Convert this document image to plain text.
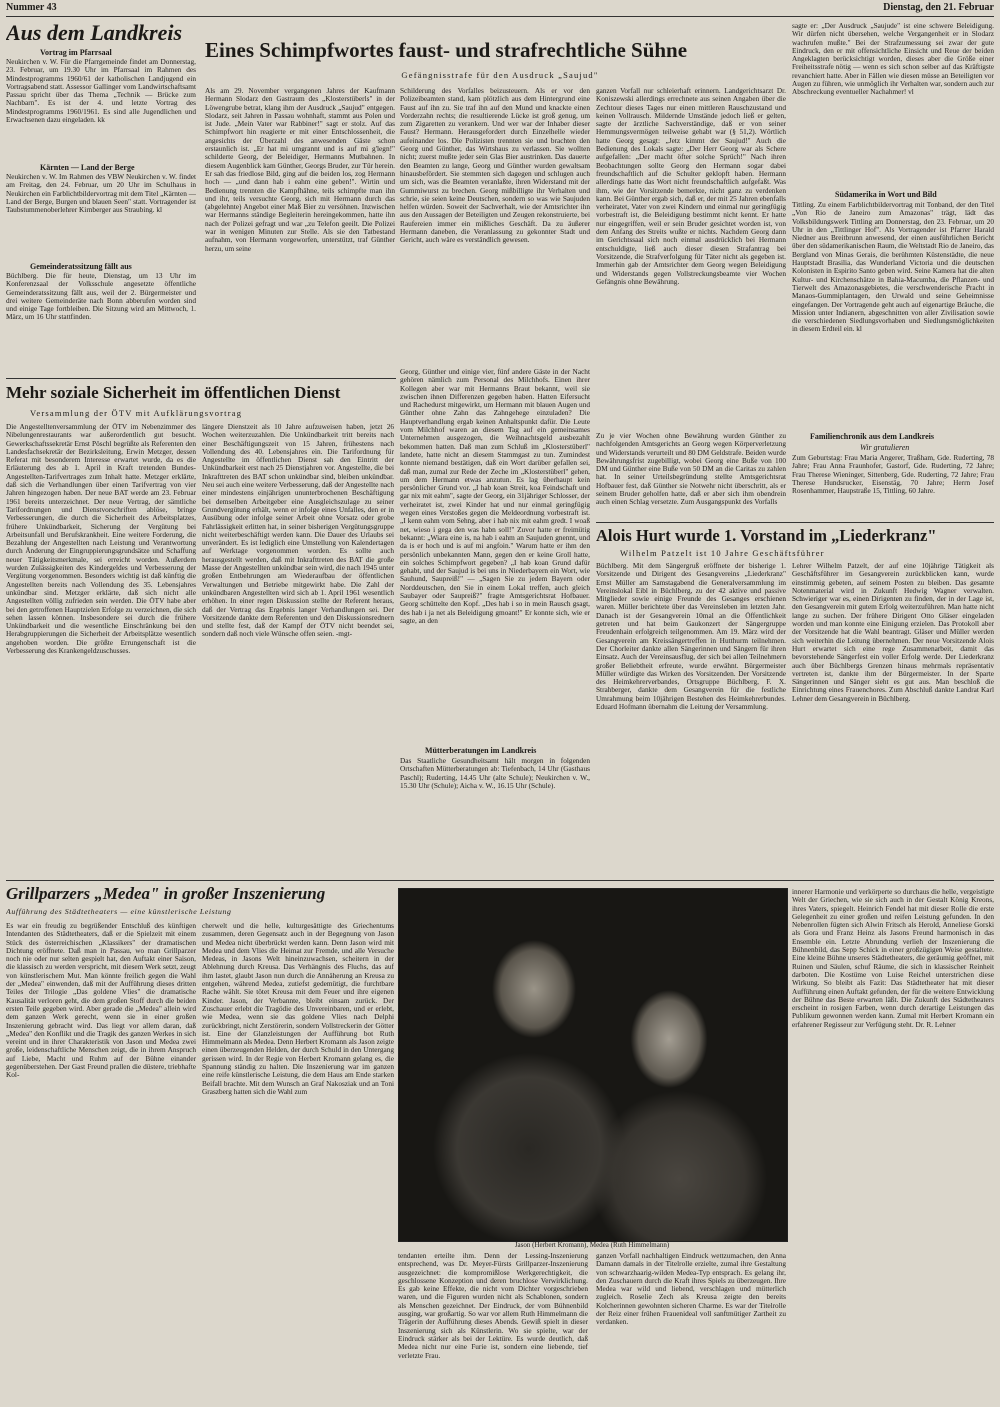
Nummer 43	Dienstag, den 21. Februar
Aus dem Landkreis
Vortrag im Pfarrsaal
Neukirchen v. W. Für die Pfarrgemeinde findet am Donnerstag, 23. Februar, um 19.30 Uhr im Pfarrsaal im Rahmen des Mindestprogramms 1960/61 der katholischen Landjugend ein Vortragsabend statt. Assessor Gallinger vom Landwirtschaftsamt Passau spricht über das Thema „Technik — Brücke zum Nachbarn". Es ist der 4. und letzte Vortrag des Mindestprogramms 1960/1961. Es sind alle Jugendlichen und Erwachsenen dazu eingeladen. kk
Kärnten — Land der Berge
Neukirchen v. W. Im Rahmen des VBW Neukirchen v. W. findet am Freitag, den 24. Februar, um 20 Uhr im Schulhaus in Neukirchen ein Farblichtbildervortrag mit dem Titel „Kärnten — Land der Berge, Burgen und blauen Seen" statt. Vortragender ist Taubstummenoberlehrer Kirnberger aus Straubing. kl
Gemeinderatssitzung fällt aus
Büchlberg. Die für heute, Dienstag, um 13 Uhr im Konferenzsaal der Volksschule angesetzte öffentliche Gemeinderatssitzung fällt aus, weil der 2. Bürgermeister und drei weitere Gemeinderäte nach Bonn abberufen worden sind und einige Tage fortbleiben. Die Sitzung wird am Mittwoch, 1. März, um 16 Uhr stattfinden.
Eines Schimpfwortes faust- und strafrechtliche Sühne
Gefängnisstrafe für den Ausdruck „Saujud"
Als am 29. November vergangenen Jahres der Kaufmann Hermann Slodarz den Gastraum des „Klosterstüberls" in der Löwengrube betrat, klang ihm der Ausdruck „Saujud" entgegen. Slodarz, seit Jahren in Passau wohnhaft, stammt aus Polen und ist Jude. „Mein Vater war Rabbiner!" sagt er stolz. Auf das Schimpfwort hin reagierte er mit einer Entschlossenheit, die angesichts der Überzahl des anwesenden Gäste schon erstaunlich ist. „Er hat mi umgrannt und is auf mi g'legn!" schilderte Georg, der Beleidiger, Hermanns Mutbahnen. In diesem Augenblick kam Günther, Georgs Bruder, zur Tür herein. Er sah das friedlose Bild, ging auf die beiden los, zog Hermann hoch — „und dann hab i eahm eine geben!". Wirtin und Bedienung trennten die Kampfhähne, teils schimpfte man ihn und ihr, teils versuchte Georg, sich mit Hermann durch das (abgelehnte) Angebot einer Maß Bier zu versöhnen. Inzwischen war Hermanns ständige Begleiterin hereingekommen, hatte ihn nach der Polizei gefragt und war „zu Telefon geeilt. Die Polizei war in wenigen Minuten zur Stelle. Als sie den Tatbestand aufnahm, von Hermann vorgeworfen, unterstützt, traf Günther herzu, um seine
Schilderung des Vorfalles beizusteuern. Als er vor den Polizeibeamten stand, kam plötzlich aus dem Hintergrund eine Faust auf ihn zu. Sie traf ihn auf den Mund und knackte einen Vorderzahn rechts; die resultierende Lücke ist groß genug, um zum Zigaretten zu verankern. Und wer war der Inhaber dieser Faust? Hermann. Herausgefordert durch Einzelhelle wieder aufeinander los. Die Polizisten trennten sie und brachten den Georg und Günther, das Wirtshaus zu verlassen. Sie wollten nicht; zuerst mußte jeder sein Glas Bier austrinken. Das dauerte den Beamten zu lange, Georg und Günther wurden gewaltsam hinausbefördert. Sie stemmten sich dagegen und schlugen auch um sich, was die Beamten veranlaßte, ihren Widerstand mit der Gummiwurst zu brechen. Georg mißbilligte ihr Verhalten und schrie, sie seien keine Deutschen, sondern so was wie Saujuden helfen würden. Soweit der Sachverhalt, wie der Amtsrichter ihn aus den Aussagen der Beteiligten und Zeugen rekonstruierte, bei Raufereien immer ein mißliches Geschäft. Da zu äußerer Hermann daneben, die Veranlassung zu gekonnter Stadt und Gericht, auch wäre es verständlich gewesen.
ganzen Vorfall nur schleierhaft erinnern. Landgerichtsarzt Dr. Koniszewski allerdings errechnete aus seinen Angaben über die Zechtour dieses Tages nur einen mittleren Rauschzustand und keinen Vollrausch. Mildernde Umstände jedoch ließ er gelten, sagte der ärztliche Sachverständige, daß er von seiner Hemmungsvermögen teilweise gehabt war (§ 51,2). Wörtlich hatte Georg gesagt: „Jetz kimmt der Saujud!" Auch die Bedienung des Lokals sagte: „Der Herr Georg war als Schere aufgefallen: „Der macht öfter solche Sprüch!" Nach ihren Beobachtungen sollte Georg den Hermann sogar dabei freundschaftlich auf die Schulter geklopft haben. Hermann allerdings hatte das Wort nicht freundschaftlich aufgefaßt. Was ihm, wie der Vorsitzende bemerkte, nicht ganz zu verdenken kann. Bei Günther ergab sich, daß er, der mit 25 Jahren ebenfalls verheiratet, Vater von zwei Kindern und einmal nur geringfügig vorbestraft ist, die Beleidigung bestimmt nicht kennt. Er hatte nur eingegriffen, weil er sein Bruder gesichtet worden ist, von dem Anfang des Streits wußte er nichts. Nachdem Georg dann im Gerichtssaal sich noch einmal ausdrücklich bei Hermann entschuldigte, ließ auch dieser diesen Strafantrag bei Vorsitzende, die Strafverfolgung für Täter nicht als gegeben ist. Immerhin gab der Amtsrichter dem Georg wegen Beleidigung und Widerstands gegen Vollstreckungsbeamte vier Wochen Gefängnis ohne Bewährung.
sagte er: „Der Ausdruck „Saujude" ist eine schwere Beleidigung. Wir dürfen nicht übersehen, welche Vergangenheit er in Slodarz wachrufen mußte." Bei der Strafzumessung sei zwar der gute Eindruck, den er mit offensichtliche Einsicht und Reue der beiden Angeklagten berücksichtigt worden, dieses aber die Größe einer Freiheitsstrafe nötig — wenn es sich schon selber auf das Kräftigste revanchiert hatte. Aber in Fällen wie diesen müsse an Beteiligten vor Augen zu führen, wie unmöglich ihr Verhalten war, sondern auch zur Abschreckung eventueller Nachahmer! vl
Mehr soziale Sicherheit im öffentlichen Dienst
Versammlung der ÖTV mit Aufklärungsvortrag
Die Angestelltenversammlung der ÖTV im Nebenzimmer des Nibelungenrestaurants war außerordentlich gut besucht. Gewerkschaftssekretär Ernst Pöschl begrüßte als Referenten den Landesfachsekretär der Bezirksleitung, Erwin Metzger, dessen Referat mit besonderem Interesse erwartet wurde, da es die Erläuterung des ab 1. April in Kraft tretenden Bundes-Angestellten-Tarifvertrages zum Inhalt hatte. Metzger erklärte, daß sich die Verhandlungen über einen Tarifvertrag von vier Jahren hingezogen haben. Der neue BAT werde am 23. Februar 1961 bereits unterzeichnet. Der neue Vertrag, der sämtliche Tarifordnungen und Dienstvorschriften ablöse, bringe Verbesserungen, die durch die Sicherheit des Arbeitsplatzes, frühere Unkündbarkeit, Sicherung der Vergütung bei Arbeitsunfall und Berufskrankheit. Eine weitere Forderung, die Bezahlung der Angestellten nach Leistung und Verantwortung durch Änderung der Eingruppierungsgrundsätze und Schaffung neuer Tätigkeitsmerkmale, sei erreicht worden. Außerdem wurden Zulässigkeiten des Kindergeldes und Verbesserung der Vergütung vorgenommen. Besonders wichtig ist daß künftig die Angestellten bereits nach Vollendung des 35. Lebensjahres unkündbar sind. Metzger erklärte, daß sich nicht alle Angestellten völlig zufrieden sein werden. Die ÖTV habe aber bei den getroffenen Hauptzielen Erfolge zu verzeichnen, die sich sehen lassen können. Insbesondere sei durch die frühere Unkündbarkeit und die wesentliche Einschränkung bei den Herabgruppierungen die Sicherheit der Arbeitsplätze wesentlich angehoben worden. Die größte Errungenschaft ist die Verbesserung des Krankengeldzuschusses.
längere Dienstzeit als 10 Jahre aufzuweisen haben, jetzt 26 Wochen weiterzuzahlen. Die Unkündbarkeit tritt bereits nach einer Beschäftigungszeit von 15 Jahren, frühestens nach Vollendung des 40. Lebensjahres ein. Die Tarifordnung für Angestellte im öffentlichen Dienst sah den Eintritt der Unkündbarkeit erst nach 25 Dienstjahren vor. Angestellte, die bei Inkrafttreten des BAT schon unkündbar sind, bleiben unkündbar. Neu sei auch eine weitere Verbesserung, daß der Angestellte nach einer mindestens einjährigen ununterbrochenen Beschäftigung bei demselben Arbeitgeber eine Ausgleichszulage zu seiner Grundvergütung erhält, wenn er infolge eines Unfalles, den er in Ausübung oder infolge seiner Arbeit ohne Vorsatz oder grobe Fahrlässigkeit erlitten hat, in seiner bisherigen Vergütungsgruppe nicht weiterbeschäftigt werden kann. Die Dauer des Urlaubs sei unverändert. Es ist lediglich eine Umstellung von Kalendertagen auf Werktage vorgenommen worden. Es sollte auch herausgestellt werden, daß mit Inkrafttreten des BAT die große Masse der Angestellten unkündbar sein wird, die nach 1945 unter großen Entbehrungen am Wiederaufbau der öffentlichen Verwaltungen und Betriebe mitgewirkt habe. Die Zahl der unkündbaren Angestellten wird sich ab 1. April 1961 wesentlich erhöhen. In einer regen Diskussion stellte der Referent heraus, daß der Vertrag das Ergebnis langer Verhandlungen sei. Der Vorsitzende dankte dem Referenten und den Diskussionsrednern und stellte fest, daß der Kampf der ÖTV nicht beendet sei, sondern daß noch viele Wünsche offen seien. -mgt-
Georg, Günther und einige vier, fünf andere Gäste in der Nacht gehören nämlich zum Personal des Milchhofs. Einen ihrer Kollegen aber war mit Hermanns Braut bekannt, weil sie zwischen ihnen Differenzen gegeben haben. Hatten Eifersucht und Rachedurst mitgewirkt, um Hermann mit blauen Augen und Günther ohne Zahn das Zahngehege einzuladen? Die Hauptverhandlung ergab keinen Anhaltspunkt dafür. Die Leute vom Milchhof waren an diesem Tag auf ein gemeinsames Unternehmen ausgezogen, die Weihnachtsgeld ausbezahlt bekommen hatten. Daß man zum Schluß im „Klosterstüberl" landete, hatte nicht an diesem Stammgast zu tun. Zumindest konnte niemand bestätigen, daß ein Wort darüber gefallen sei, daß man, zumal zur Rede der Zeche im „Klosterstüberl" gehen, um dem Hermann etwas anzutun. Es lag überhaupt kein persönlicher Grund vor. „I hab koan Streit, koa Feindschaft und gar nix mit eahm", sagte der Georg, ein 31jähriger Schlosser, der verheiratet ist, zwei Kinder hat und nur einmal geringfügig wegen eines Verstoßes gegen die Meldeordnung vorbestraft ist. „I kenn eahm vom Sehng, aber i hab nix mit eahm gredt. I woaß net, wieso i gega den was habn soll!" Zuvor hatte er freimütig bekannt: „Wiara eine is, na hab i eahm an Saujuden gnennt, und da is er hoch und is auf mi angfoin." Warum hatte er ihm den persönlich unbekannten Mann, gegen den er keine Groll hatte, ein solches Schimpfwort gegeben? „I hab koan Grund dafür gehabt, und der Saujud is bei uns in Niederbayern ein Wort, wie Sauhund, Saupreiß!" — „Sagen Sie zu jedem Bayern oder Norddeutschen, den Sie in einem Lokal treffen, auch gleich Saubayer oder Saupreiß?" fragte Amtsgerichtsrat Hofbauer. Georg schüttelte den Kopf. „Des hab i so in mein Rausch gsagt, des hab i ja net als Beleidigung gmoant!" Er konnte sich, wie er sagte, an den
Zu je vier Wochen ohne Bewährung wurden Günther zu nachfolgenden Amtsgerichts an Georg wegen Körperverletzung und Widerstands verurteilt und 80 DM Geldstrafe. Beiden wurde Bewährungsfrist zugebilligt, wobei Georg eine Buße von 100 DM und Günther eine Buße von 50 DM an die Caritas zu zahlen hat. In seiner Urteilsbegründung stellte Amtsgerichtsrat Hofbauer fest, daß Günther sie Notwehr nicht überschritt, als er seinem Bruder geholfen hatte, daß er aber sich ihm obendrein auch einen Schlag versetzte. Zum Ausgangspunkt des Vorfalls
Mütterberatungen im Landkreis
Das Staatliche Gesundheitsamt hält morgen in folgenden Ortschaften Mütterberatungen ab: Tiefenbach, 14 Uhr (Gasthaus Paschl); Ruderting, 14.45 Uhr (alte Schule); Neukirchen v. W., 15.30 Uhr (Schule); Aicha v. W., 16.15 Uhr (Schule).
Südamerika in Wort und Bild
Tittling. Zu einem Farblichtbildervortrag mit Tonband, der den Titel „Von Rio de Janeiro zum Amazonas" trägt, lädt das Volksbildungswerk Tittling am Donnerstag, den 23. Februar, um 20 Uhr in den „Tittlinger Hof". Als Vortragender ist Pfarrer Harald Niedner aus Breitbrunn anwesend, der einen ausführlichen Bericht über den südamerikanischen Raum, die Weltstadt Rio de Janeiro, das Bergland von Minas Gerais, die berühmten Küstenstädte, die neue Hauptstadt Brasilia, das Wunderland Victoria und die deutschen Kolonisten in Espirito Santo geben wird. Seine Kamera hat die alten Kultur- und Kirchenschätze in Bahia-Macumba, die Pflanzen- und Tierwelt des Amazonasgebietes, die verschwenderische Pracht in Manaos-Gummiplantagen, den Urwald und seine Geheimnisse eingefangen. Der Vortragende geht auch auf eigenartige Bräuche, die Mission unter Indianern, abgeschnitten von aller Zivilisation sowie die verschiedenen Siedlungsvorhaben und Siedlungsmöglichkeiten in diesem Erdteil ein. kl
Familienchronik aus dem Landkreis
Wir gratulieren
Zum Geburtstag: Frau Maria Angerer, Traßham, Gde. Ruderting, 78 Jahre; Frau Anna Fraunhofer, Gastorf, Gde. Ruderting, 72 Jahre; Frau Therese Wieninger, Sittenberg, Gde. Ruderting, 72 Jahre; Frau Therese Hundsrucker, Eisenstäg, 70 Jahre; Herrn Josef Rosenhammer, Haupstraße 15, Tittling, 60 Jahre.
Alois Hurt wurde 1. Vorstand im „Liederkranz"
Wilhelm Patzelt ist 10 Jahre Geschäftsführer
Büchlberg. Mit dem Sängergruß eröffnete der bisherige 1. Vorsitzende und Dirigent des Gesangvereins „Liederkranz" Ernst Müller am Samstagabend die Generalversammlung im Vereinslokal Eibl in Büchlberg, zu der 42 aktive und passive Mitglieder sowie einige Freunde des Gesanges erschienen waren. Müller berichtete über das Vereinsleben im letzten Jahr. Danach ist der Gesangverein 10mal an die Öffentlichkeit getreten und hat beim Gaukonzert der Sängergruppe Freudenhain erfolgreich teilgenommen. Am 19. März wird der Gesangverein am Kreissängertreffen in Hutthurm teilnehmen. Der Chorleiter dankte allen Sängerinnen und Sängern für ihren Einsatz. Auch der Vereinsausflug, der sich bei allen Teilnehmern großer Beliebtheit erfreute, wurde erwähnt. Bürgermeister Müller würdigte das Wirken des Vorsitzenden. Der Vorsitzende des Heimkehrerverbandes, Ortsgruppe Büchlberg, F. X. Strahberger, dankte dem Gesangverein für die festliche Umrahmung beim 10jährigen Bestehen des Heimkehrerbundes. Eduard Hofmann übernahm die Leitung der Versammlung.
Lehrer Wilhelm Patzelt, der auf eine 10jährige Tätigkeit als Geschäftsführer im Gesangverein zurückblicken kann, wurde einstimmig gebeten, auf seinem Posten zu bleiben. Das gesamte Notenmaterial wird in Zukunft Hedwig Wagner verwalten. Schwieriger war es, einen Dirigenten zu finden, der in der Lage ist, den Gesangverein mit gutem Erfolg weiterzuführen. Man hatte nicht lange zu suchen. Der frühere Dirigent Otto Gläser eingeladen worden und man konnte eine Einigung erzielen. Das Protokoll aber der Vorsitzende hat die Wahl beantragt. Gläser und Müller werden sich weiterhin die Leitung übernehmen. Der neue Vorsitzende Alois Hurt erwartet sich eine rege Zusammenarbeit, damit das bevorstehende Sängerfest ein voller Erfolg werde. Der Liederkranz auch über Büchlbergs Grenzen hinaus mehrmals repräsentativ vertreten ist, dankte ihm der Bürgermeister. In der Sparte Sängerinnen und Sänger sieht es gut aus. Man beschloß die Einrichtung eines Frauenchores. Zum Abschluß dankte Landrat Karl Lehner dem Gesangverein in Büchlberg.
Grillparzers „Medea" in großer Inszenierung
Aufführung des Städtetheaters — eine künstlerische Leistung
Es war ein freudig zu begrüßender Entschluß des künftigen Intendanten des Städtetheaters, daß er die Spielzeit mit einem Stück des österreichischen „Klassikers" der dramatischen Dichtung eröffnete. Daß man in Passau, wo man Grillparzer noch nie oder nur selten gespielt hat, den Auftakt einer Saison, die klassisch zu werden verspricht, mit diesem Werk setzt, zeugt von künstlerischem Mut. Man könnte freilich gegen die Wahl der „Medea" einwenden, daß mit der Aufführung dieses dritten Teiles der Trilogie „Das goldene Vlies" die dramatische Kausalität verloren geht, die dem großen Stoff durch die beiden ersten Teile gegeben wird. Aber gerade die „Medea" allein wird dem ganzen Werk gerecht, wenn sie in einer großen Inszenierung gebracht wird. Das liegt vor allem daran, daß „Medea" den Konflikt und die Tragik des ganzen Werkes in sich vereint und in ihrer Charakteristik von Jason und Medea zwei große, leidenschaftliche Menschen zeigt, die in ihrem Anspruch auf Liebe, Macht und Ruhm auf der Bühne einander gegenüberstehen. Der Gast Freund prallen die düstere, triebhafte Kol-
cherwelt und die helle, kulturgesättigte des Griechentums zusammen, deren Gegensatz auch in der Begegnung von Jason und Medea nicht überbrückt werden kann. Denn Jason wird mit Medea und dem Vlies die Heimat zur Fremde, und alle Versuche Medeas, in Jasons Welt hineinzuwachsen, scheitern in der Ablehnung durch Kreusa. Das Verhängnis des Fluchs, das auf ihm lastet, glaubt Jason nun durch die Annäherung an Kreusa zu entgehen, während Medea, zutiefst gedemütigt, die furchtbare Rache wählt. Sie tötet Kreusa mit dem Feuer und ihre eigenen Kinder. Jason, der Verbannte, bleibt einsam zurück. Der Zuschauer erlebt die Tragödie des Unvereinbaren, und er erlebt, wie Medea, wenn sie das goldene Vlies nach Delphi zurückbringt, nicht Zerstörerin, sondern Vollstreckerin der Götter ist. Eine der Glanzleistungen der Aufführung bot Ruth Himmelmann als Medea. Denn Herbert Kromann als Jason zeigte einen überzeugenden Helden, der durch Schuld in den Untergang gerissen wird. In der Regie von Herbert Kromann gelang es, die Spannung ständig zu halten. Die Inszenierung war im ganzen eine reife künstlerische Leistung, die dem Haus am Ende starken Beifall brachte. Mit dem Wunsch an Graf Nakosziak und an Toni Graszberg hatten sich die Wahl zum
Jason (Herbert Kromann), Medea (Ruth Himmelmann)
tendanten erteilte ihm. Denn der Lessing-Inszenierung entsprechend, was Dr. Meyer-Fürsts Grillparzer-Inszenierung ausgezeichnet: die kompromißlose Werkgerechtigkeit, die geschlossene Konzeption und deren bruchlose Verwirklichung. Es gab keine Effekte, die nicht vom Dichter vorgeschrieben waren, und die Figuren wurden nicht als Schablonen, sondern als Menschen gezeichnet. Der Eindruck, der vom Bühnenbild ausging, war großartig. So war vor allem Ruth Himmelmann die Trägerin der Aufführung dieses Abends. Gewiß spielt in dieser Inszenierung sich als Künstlerin. Wo sie spielte, war der Eindruck stärker als bei der Lektüre. Es wurde deutlich, daß Medea nicht nur eine Furie ist, sondern eine liebende, tief verletzte Frau.
ganzen Vorfall nachhaltigen Eindruck wettzumachen, den Anna Damann damals in der Titelrolle erzielte, zumal ihre Gestaltung von schwarzhaarig-wilden Medea-Typ entsprach. Es gelang ihr, den Zuschauern durch die Kraft ihres Spiels zu überzeugen. Ihre Medea war wild und liebend, verschlagen und mütterlich zugleich. Roselie Zech als Kreusa zeigte den bereits Kolcherinnen gewohnten sicheren Charme. Es war der Titelrolle der Reiz einer frühen Frauenideal voll sanftmütiger Zartheit zu verdanken.
innerer Harmonie und verkörperte so durchaus die helle, vergeistigte Welt der Griechen, wie sie sich auch in der Gestalt König Kreons, ihres Vaters, spiegelt. Heinrich Fendel hat mit dieser Rolle die erste Gelegenheit zu einer großen und reifen Leistung gefunden. In den Nebenrollen fügten sich Alwin Fritsch als Herold, Anneliese Gorski als Gora und Franz Heinz als Jasons Freund harmonisch in das Ensemble ein. Letzte Abrundung verlieh der Inszenierung die Bühnenbild, das Sepp Schick in einer großzügigen Weise gestaltete. Eine kleine Bühne unseres Städtetheaters, die geräumig geöffnet, mit Ruinen und Säulen, schuf Räume, die sich in klassischer Reinheit darboten. Die Kostüme von Luise Reichel unterstrichen diese Wirkung. So bleibt als Fazit: Das Städtetheater hat mit dieser Aufführung einen Auftakt gefunden, der für die weitere Entwicklung der Bühne das Beste erwarten läßt. Die Zukunft des Städtetheaters erscheint in rosigen Farben, wenn durch derartige Leistungen das Publikum gewonnen werden kann. Zumal mit Herbert Kromann ein erfahrener Regisseur zur Verfügung steht. Dr. R. Lehner
